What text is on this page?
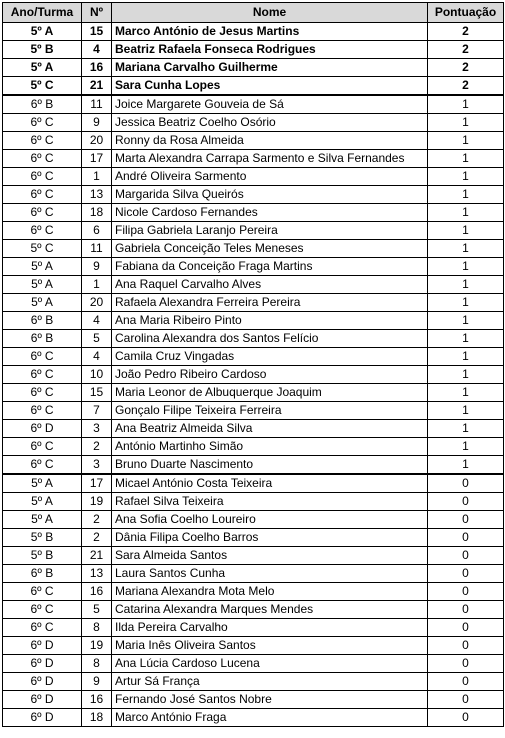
Ano/Turma	Nº	Nome	Pontuação
5º A	15	Marco António de Jesus Martins	2
5º B	4	Beatriz Rafaela Fonseca Rodrigues	2
5º A	16	Mariana Carvalho Guilherme	2
5º C	21	Sara Cunha Lopes	2
6º B	11	Joice Margarete Gouveia de Sá	1
6º C	9	Jessica Beatriz Coelho Osório	1
6º C	20	Ronny da Rosa Almeida	1
6º C	17	Marta Alexandra Carrapa Sarmento e Silva Fernandes	1
6º C	1	André Oliveira Sarmento	1
6º C	13	Margarida Silva Queirós	1
6º C	18	Nicole Cardoso Fernandes	1
6º C	6	Filipa Gabriela Laranjo Pereira	1
5º C	11	Gabriela Conceição Teles Meneses	1
5º A	9	Fabiana da Conceição Fraga Martins	1
5º A	1	Ana Raquel Carvalho Alves	1
5º A	20	Rafaela Alexandra Ferreira Pereira	1
6º B	4	Ana Maria Ribeiro Pinto	1
6º B	5	Carolina Alexandra dos Santos Felício	1
6º C	4	Camila Cruz Vingadas	1
6º C	10	João Pedro Ribeiro Cardoso	1
6º C	15	Maria Leonor de Albuquerque Joaquim	1
6º C	7	Gonçalo Filipe Teixeira Ferreira	1
6º D	3	Ana Beatriz Almeida Silva	1
6º C	2	António Martinho Simão	1
6º C	3	Bruno Duarte Nascimento	1
5º A	17	Micael António Costa Teixeira	0
5º A	19	Rafael Silva Teixeira	0
5º A	2	Ana Sofia Coelho Loureiro	0
5º B	2	Dânia Filipa Coelho Barros	0
5º B	21	Sara Almeida Santos	0
6º B	13	Laura Santos Cunha	0
6º C	16	Mariana Alexandra Mota Melo	0
6º C	5	Catarina Alexandra Marques Mendes	0
6º C	8	Ilda Pereira Carvalho	0
6º D	19	Maria Inês Oliveira Santos	0
6º D	8	Ana Lúcia Cardoso Lucena	0
6º D	9	Artur Sá França	0
6º D	16	Fernando José Santos Nobre	0
6º D	18	Marco António Fraga	0
